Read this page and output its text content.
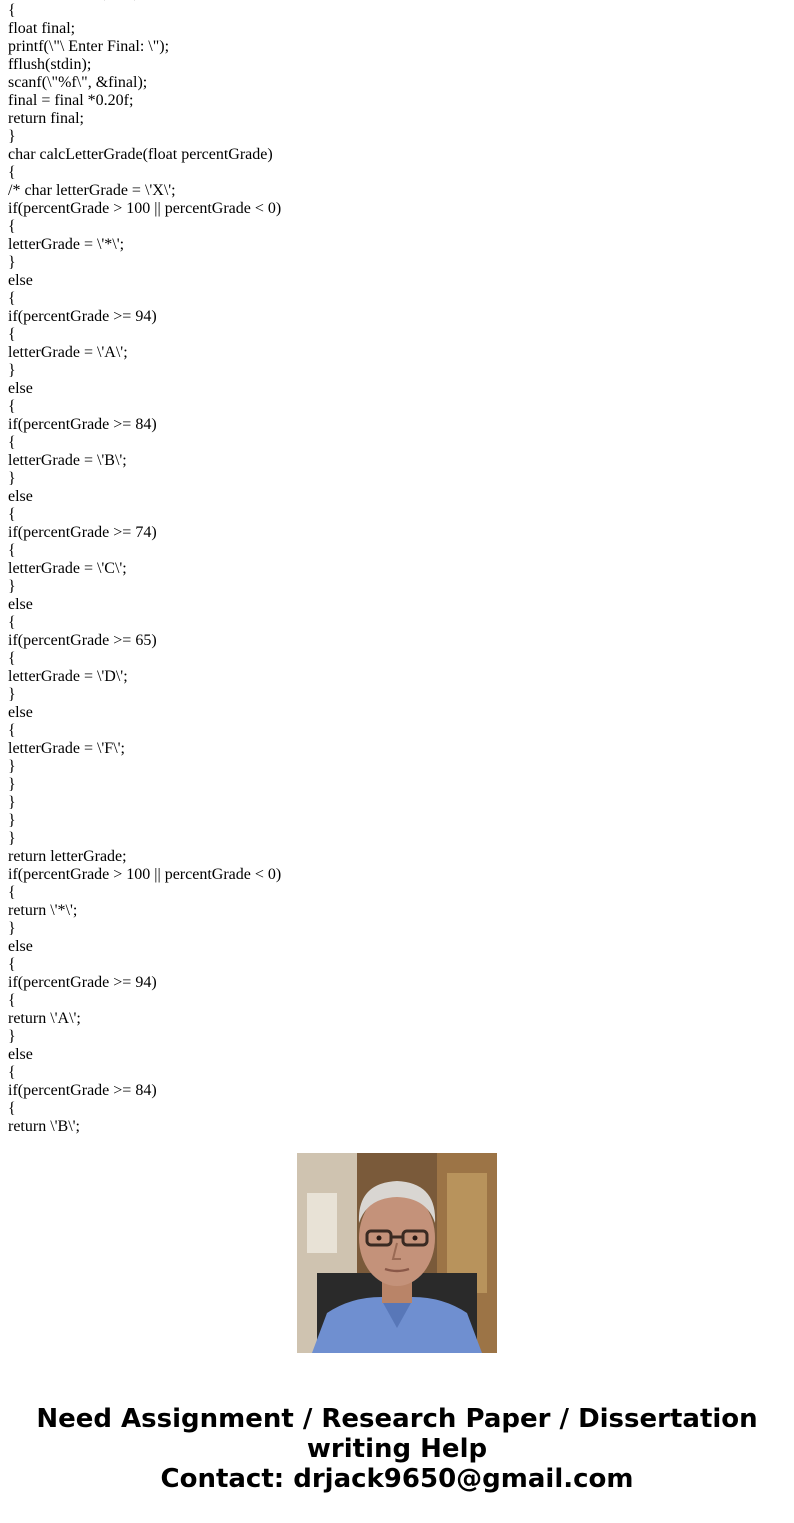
{
float final;
printf(\"\ Enter Final: \");
fflush(stdin);
scanf(\"%f\", &final);
final = final *0.20f;
return final;
}
char calcLetterGrade(float percentGrade)
{
/* char letterGrade = \'X\';
if(percentGrade > 100 || percentGrade < 0)
{
letterGrade = \'*\';
}
else
{
if(percentGrade >= 94)
{
letterGrade = \'A\';
}
else
{
if(percentGrade >= 84)
{
letterGrade = \'B\';
}
else
{
if(percentGrade >= 74)
{
letterGrade = \'C\';
}
else
{
if(percentGrade >= 65)
{
letterGrade = \'D\';
}
else
{
letterGrade = \'F\';
}
}
}
}
}
return letterGrade;
if(percentGrade > 100 || percentGrade < 0)
{
return \'*\';
}
else
{
if(percentGrade >= 94)
{
return \'A\';
}
else
{
if(percentGrade >= 84)
{
return \'B\';
Need Assignment / Research Paper / Dissertation
writing Help
Contact: drjack9650@gmail.com
